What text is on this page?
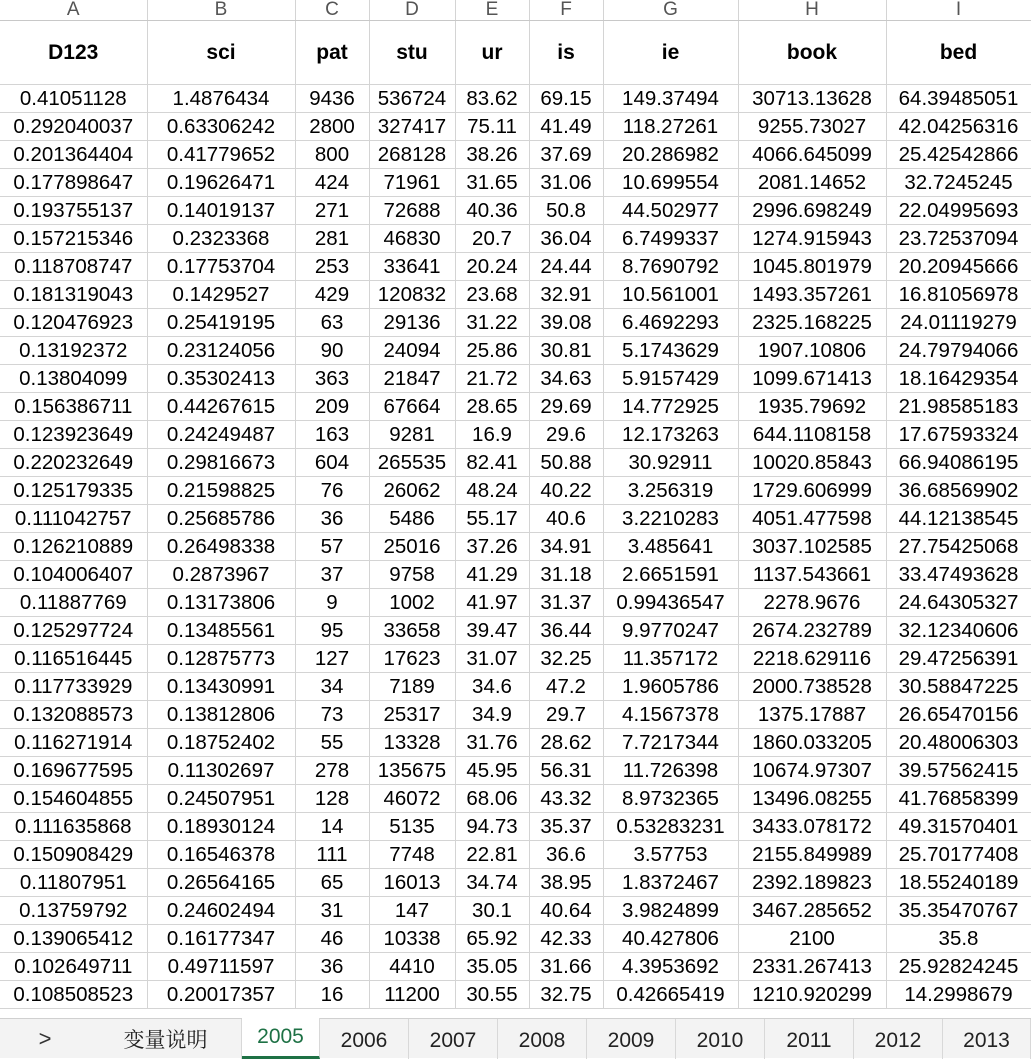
A	B	C	D	E	F	G	H	I
D123	sci	pat	stu	ur	is	ie	book	bed
0.41051128	1.4876434	9436	536724	83.62	69.15	149.37494	30713.13628	64.39485051
0.292040037	0.63306242	2800	327417	75.11	41.49	118.27261	9255.73027	42.04256316
0.201364404	0.41779652	800	268128	38.26	37.69	20.286982	4066.645099	25.42542866
0.177898647	0.19626471	424	71961	31.65	31.06	10.699554	2081.14652	32.7245245
0.193755137	0.14019137	271	72688	40.36	50.8	44.502977	2996.698249	22.04995693
0.157215346	0.2323368	281	46830	20.7	36.04	6.7499337	1274.915943	23.72537094
0.118708747	0.17753704	253	33641	20.24	24.44	8.7690792	1045.801979	20.20945666
0.181319043	0.1429527	429	120832	23.68	32.91	10.561001	1493.357261	16.81056978
0.120476923	0.25419195	63	29136	31.22	39.08	6.4692293	2325.168225	24.01119279
0.13192372	0.23124056	90	24094	25.86	30.81	5.1743629	1907.10806	24.79794066
0.13804099	0.35302413	363	21847	21.72	34.63	5.9157429	1099.671413	18.16429354
0.156386711	0.44267615	209	67664	28.65	29.69	14.772925	1935.79692	21.98585183
0.123923649	0.24249487	163	9281	16.9	29.6	12.173263	644.1108158	17.67593324
0.220232649	0.29816673	604	265535	82.41	50.88	30.92911	10020.85843	66.94086195
0.125179335	0.21598825	76	26062	48.24	40.22	3.256319	1729.606999	36.68569902
0.111042757	0.25685786	36	5486	55.17	40.6	3.2210283	4051.477598	44.12138545
0.126210889	0.26498338	57	25016	37.26	34.91	3.485641	3037.102585	27.75425068
0.104006407	0.2873967	37	9758	41.29	31.18	2.6651591	1137.543661	33.47493628
0.11887769	0.13173806	9	1002	41.97	31.37	0.99436547	2278.9676	24.64305327
0.125297724	0.13485561	95	33658	39.47	36.44	9.9770247	2674.232789	32.12340606
0.116516445	0.12875773	127	17623	31.07	32.25	11.357172	2218.629116	29.47256391
0.117733929	0.13430991	34	7189	34.6	47.2	1.9605786	2000.738528	30.58847225
0.132088573	0.13812806	73	25317	34.9	29.7	4.1567378	1375.17887	26.65470156
0.116271914	0.18752402	55	13328	31.76	28.62	7.7217344	1860.033205	20.48006303
0.169677595	0.11302697	278	135675	45.95	56.31	11.726398	10674.97307	39.57562415
0.154604855	0.24507951	128	46072	68.06	43.32	8.9732365	13496.08255	41.76858399
0.111635868	0.18930124	14	5135	94.73	35.37	0.53283231	3433.078172	49.31570401
0.150908429	0.16546378	111	7748	22.81	36.6	3.57753	2155.849989	25.70177408
0.11807951	0.26564165	65	16013	34.74	38.95	1.8372467	2392.189823	18.55240189
0.13759792	0.24602494	31	147	30.1	40.64	3.9824899	3467.285652	35.35470767
0.139065412	0.16177347	46	10338	65.92	42.33	40.427806	2100	35.8
0.102649711	0.49711597	36	4410	35.05	31.66	4.3953692	2331.267413	25.92824245
0.108508523	0.20017357	16	11200	30.55	32.75	0.42665419	1210.920299	14.2998679
>	变量说明	2005	2006	2007	2008	2009	2010	2011	2012	2013
